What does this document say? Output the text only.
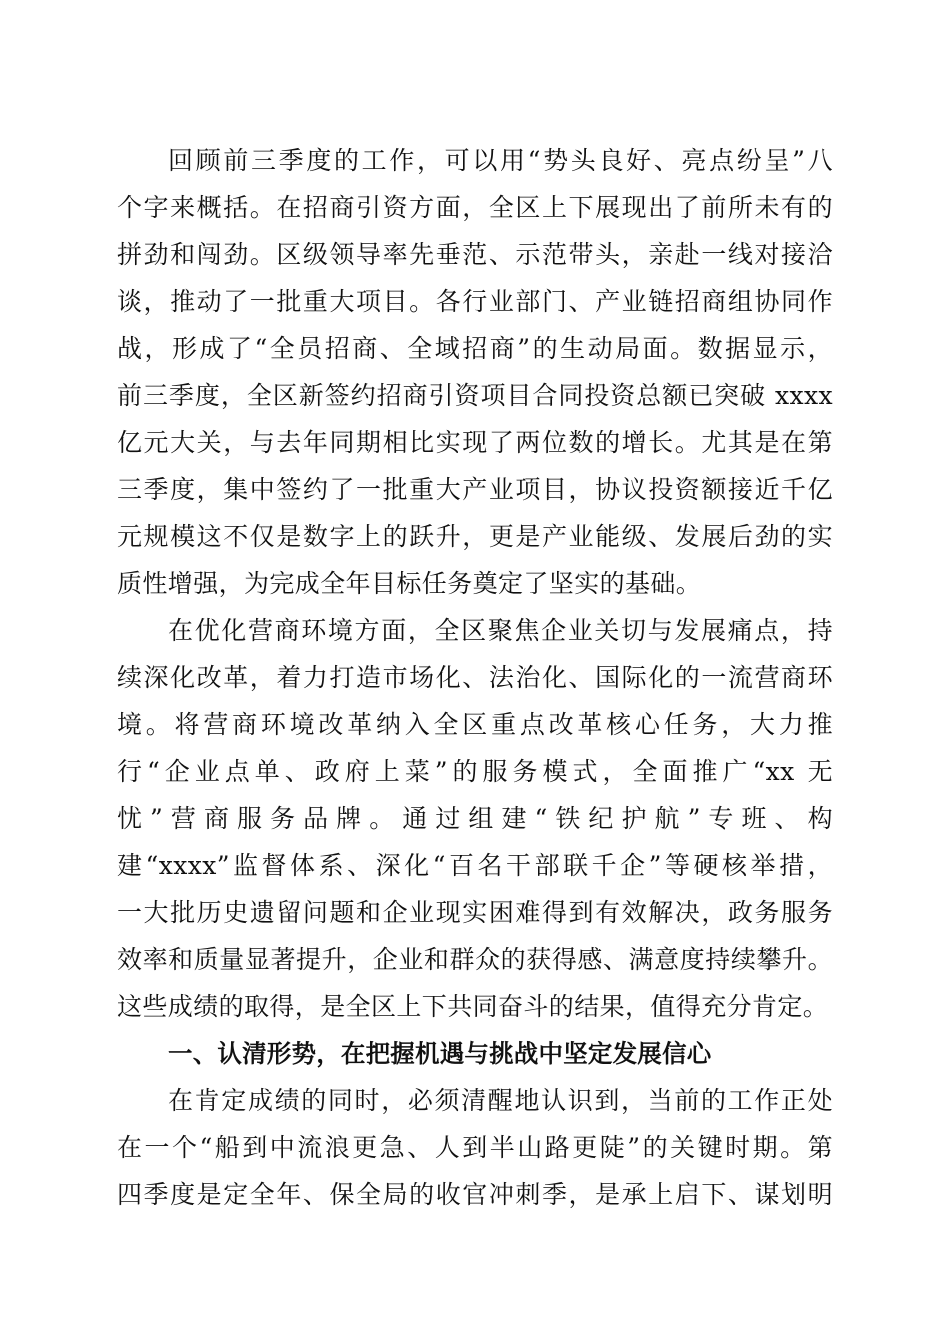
回顾前三季度的工作，可以用“势头良好、亮点纷呈”八
个字来概括。在招商引资方面，全区上下展现出了前所未有的
拼劲和闯劲。区级领导率先垂范、示范带头，亲赴一线对接洽
谈，推动了一批重大项目。各行业部门、产业链招商组协同作
战，形成了“全员招商、全域招商”的生动局面。数据显示，
前三季度，全区新签约招商引资项目合同投资总额已突破 xxxx
亿元大关，与去年同期相比实现了两位数的增长。尤其是在第
三季度，集中签约了一批重大产业项目，协议投资额接近千亿
元规模这不仅是数字上的跃升，更是产业能级、发展后劲的实
质性增强，为完成全年目标任务奠定了坚实的基础。
在优化营商环境方面，全区聚焦企业关切与发展痛点，持
续深化改革，着力打造市场化、法治化、国际化的一流营商环
境。将营商环境改革纳入全区重点改革核心任务，大力推
行“企业点单、政府上菜”的服务模式，全面推广“xx 无
忧”营商服务品牌。通过组建“铁纪护航”专班、构
建“xxxx”监督体系、深化“百名干部联千企”等硬核举措，
一大批历史遗留问题和企业现实困难得到有效解决，政务服务
效率和质量显著提升，企业和群众的获得感、满意度持续攀升。
这些成绩的取得，是全区上下共同奋斗的结果，值得充分肯定。
一、认清形势，在把握机遇与挑战中坚定发展信心
在肯定成绩的同时，必须清醒地认识到，当前的工作正处
在一个“船到中流浪更急、人到半山路更陡”的关键时期。第
四季度是定全年、保全局的收官冲刺季，是承上启下、谋划明
